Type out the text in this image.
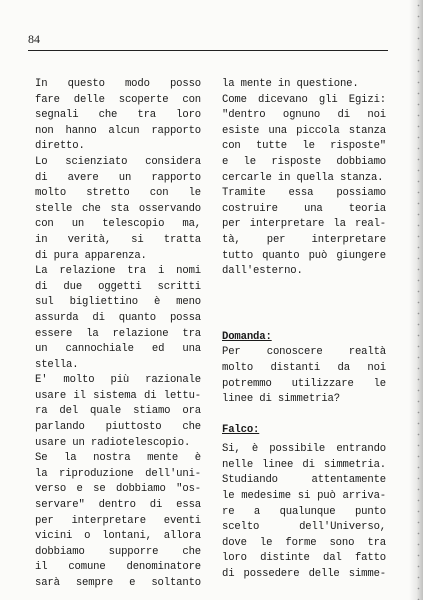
84
In questo modo posso
fare delle scoperte con
segnali che tra loro
non hanno alcun rapporto
diretto.
Lo scienziato considera
di avere un rapporto
molto stretto con le
stelle che sta osservando
con un telescopio ma,
in verità, si tratta
di pura apparenza.
La relazione tra i nomi
di due oggetti scritti
sul bigliettino è meno
assurda di quanto possa
essere la relazione tra
un cannochiale ed una
stella.
E' molto più razionale
usare il sistema di lettu-
ra del quale stiamo ora
parlando piuttosto che
usare un radiotelescopio.
Se la nostra mente è
la riproduzione dell'uni-
verso e se dobbiamo "os-
servare" dentro di essa
per interpretare eventi
vicini o lontani, allora
dobbiamo supporre che
il comune denominatore
sarà sempre e soltanto
la mente in questione.
Come dicevano gli Egizi:
"dentro ognuno di noi
esiste una piccola stanza
con tutte le risposte"
e le risposte dobbiamo
cercarle in quella stanza.
Tramite essa possiamo
costruire una teoria
per interpretare la real-
tà, per interpretare
tutto quanto può giungere
dall'esterno.
Domanda:
Per conoscere realtà
molto distanti da noi
potremmo utilizzare le
linee di simmetria?
Falco:
Si, è possibile entrando
nelle linee di simmetria.
Studiando attentamente
le medesime si può arriva-
re a qualunque punto
scelto dell'Universo,
dove le forme sono tra
loro distinte dal fatto
di possedere delle simme-
